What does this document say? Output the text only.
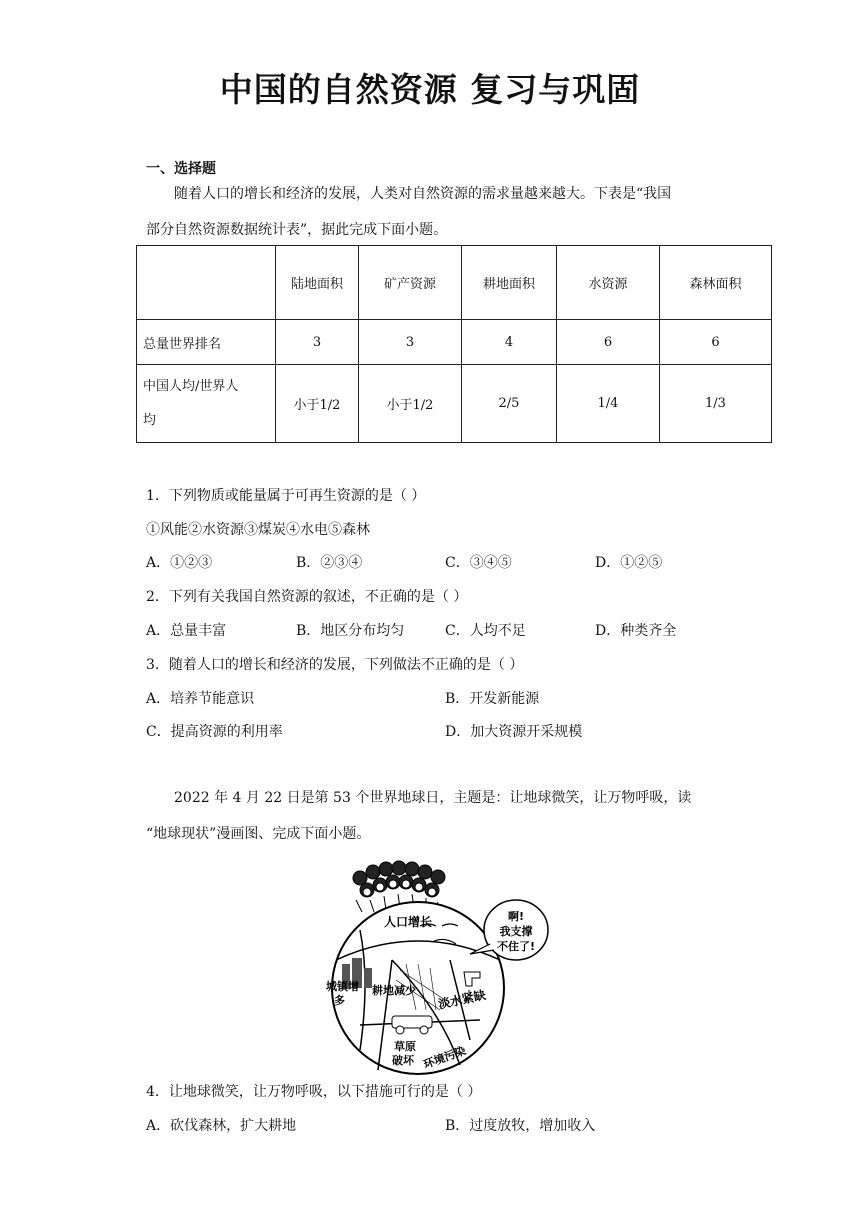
中国的自然资源 复习与巩固
一、选择题
随着人口的增长和经济的发展，人类对自然资源的需求量越来越大。下表是“我国
部分自然资源数据统计表”，据此完成下面小题。
	陆地面积	矿产资源	耕地面积	水资源	森林面积
总量世界排名	3	3	4	6	6

中国人均/世界人
均	小于1/2	小于1/2	2/5	1/4	1/3
1．下列物质或能量属于可再生资源的是（ ）
①风能②水资源③煤炭④水电⑤森林
A．①②③	B．②③④	C．③④⑤	D．①②⑤
2．下列有关我国自然资源的叙述，不正确的是（ ）
A．总量丰富	B．地区分布均匀	C．人均不足	D．种类齐全
3．随着人口的增长和经济的发展，下列做法不正确的是（ ）
A．培养节能意识	B．开发新能源
C．提高资源的利用率	D．加大资源开采规模
2022 年 4 月 22 日是第 53 个世界地球日，主题是：让地球微笑，让万物呼吸，读
“地球现状”漫画图、完成下面小题。
人口增长
城镇增
多
耕地减少 淡水紧缺
草原
破坏 环境污染
啊!
我支撑
不住了!
4．让地球微笑，让万物呼吸，以下措施可行的是（ ）
A．砍伐森林，扩大耕地	B．过度放牧，增加收入
